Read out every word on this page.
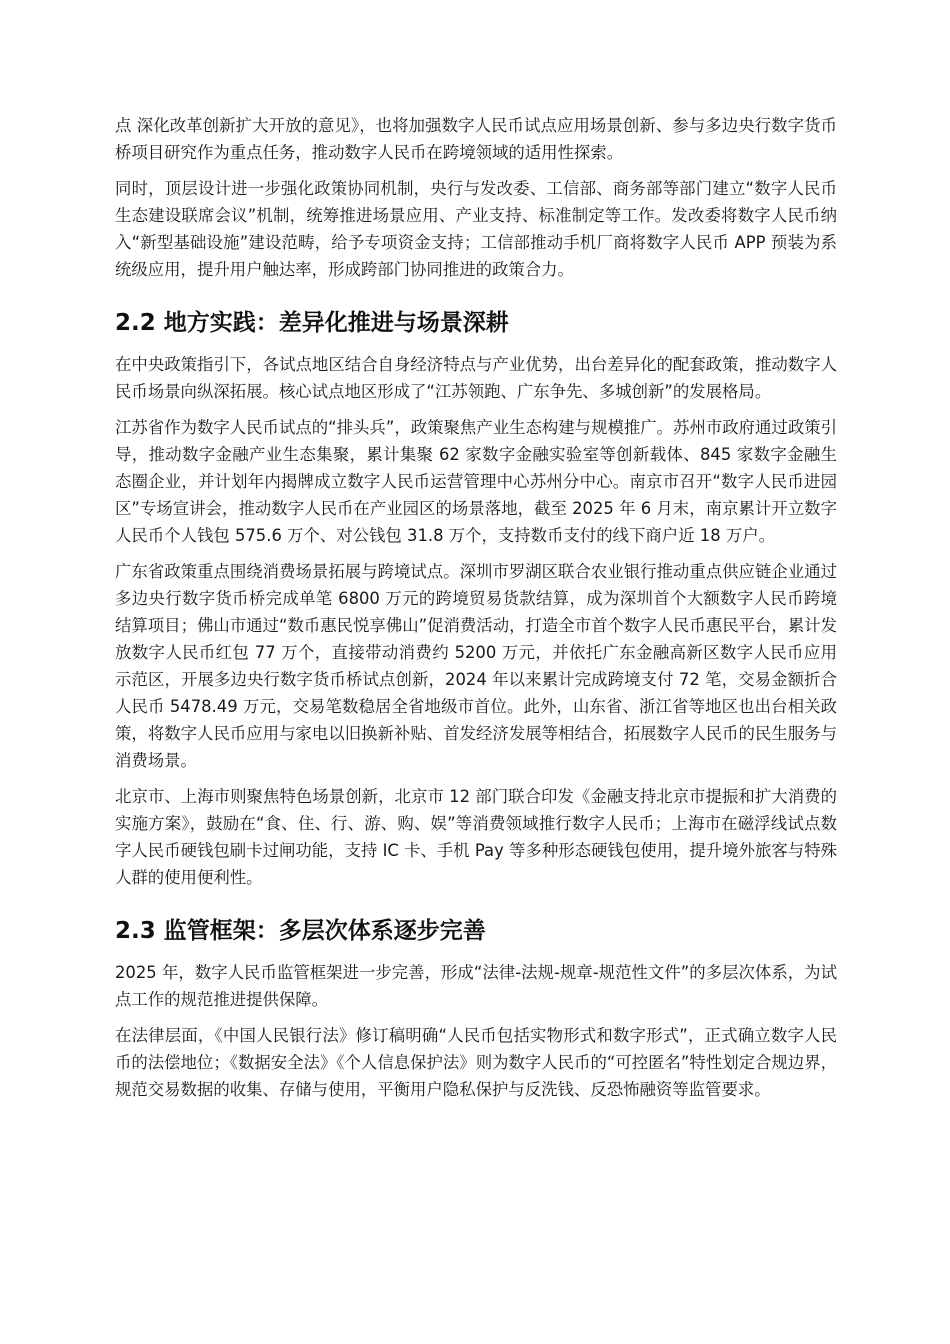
点 深化改革创新扩大开放的意见》，也将加强数字人民币试点应用场景创新、参与多边央行数字货币桥项目研究作为重点任务，推动数字人民币在跨境领域的适用性探索。

同时，顶层设计进一步强化政策协同机制，央行与发改委、工信部、商务部等部门建立“数字人民币生态建设联席会议”机制，统筹推进场景应用、产业支持、标准制定等工作。发改委将数字人民币纳入“新型基础设施”建设范畴，给予专项资金支持；工信部推动手机厂商将数字人民币 APP 预装为系统级应用，提升用户触达率，形成跨部门协同推进的政策合力。

2.2 地方实践：差异化推进与场景深耕

在中央政策指引下，各试点地区结合自身经济特点与产业优势，出台差异化的配套政策，推动数字人民币场景向纵深拓展。核心试点地区形成了“江苏领跑、广东争先、多城创新”的发展格局。

江苏省作为数字人民币试点的“排头兵”，政策聚焦产业生态构建与规模推广。苏州市政府通过政策引导，推动数字金融产业生态集聚，累计集聚 62 家数字金融实验室等创新载体、845 家数字金融生态圈企业，并计划年内揭牌成立数字人民币运营管理中心苏州分中心。南京市召开“数字人民币进园区”专场宣讲会，推动数字人民币在产业园区的场景落地，截至 2025 年 6 月末，南京累计开立数字人民币个人钱包 575.6 万个、对公钱包 31.8 万个，支持数币支付的线下商户近 18 万户。

广东省政策重点围绕消费场景拓展与跨境试点。深圳市罗湖区联合农业银行推动重点供应链企业通过多边央行数字货币桥完成单笔 6800 万元的跨境贸易货款结算，成为深圳首个大额数字人民币跨境结算项目；佛山市通过“数币惠民悦享佛山”促消费活动，打造全市首个数字人民币惠民平台，累计发放数字人民币红包 77 万个，直接带动消费约 5200 万元，并依托广东金融高新区数字人民币应用示范区，开展多边央行数字货币桥试点创新，2024 年以来累计完成跨境支付 72 笔，交易金额折合人民币 5478.49 万元，交易笔数稳居全省地级市首位。此外，山东省、浙江省等地区也出台相关政策，将数字人民币应用与家电以旧换新补贴、首发经济发展等相结合，拓展数字人民币的民生服务与消费场景。

北京市、上海市则聚焦特色场景创新，北京市 12 部门联合印发《金融支持北京市提振和扩大消费的实施方案》，鼓励在“食、住、行、游、购、娱”等消费领域推行数字人民币；上海市在磁浮线试点数字人民币硬钱包刷卡过闸功能，支持 IC 卡、手机 Pay 等多种形态硬钱包使用，提升境外旅客与特殊人群的使用便利性。

2.3 监管框架：多层次体系逐步完善

2025 年，数字人民币监管框架进一步完善，形成“法律-法规-规章-规范性文件”的多层次体系，为试点工作的规范推进提供保障。

在法律层面，《中国人民银行法》修订稿明确“人民币包括实物形式和数字形式”，正式确立数字人民币的法偿地位；《数据安全法》《个人信息保护法》则为数字人民币的“可控匿名”特性划定合规边界，规范交易数据的收集、存储与使用，平衡用户隐私保护与反洗钱、反恐怖融资等监管要求。
